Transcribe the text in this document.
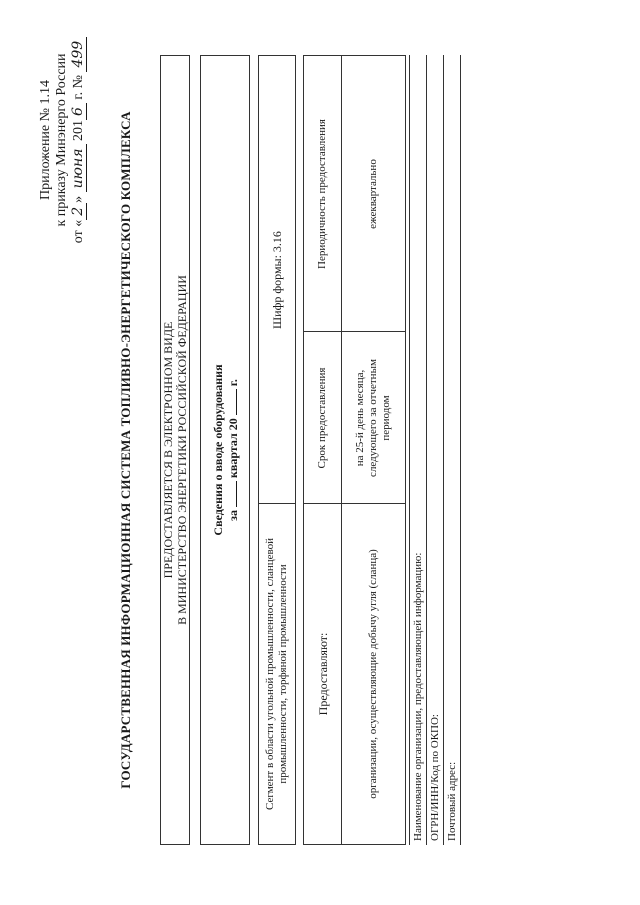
Приложение № 1.14 к приказу Минэнерго России
от «2» июня 2016 г. № 499
ГОСУДАРСТВЕННАЯ ИНФОРМАЦИОННАЯ СИСТЕМА ТОПЛИВНО-ЭНЕРГЕТИЧЕСКОГО КОМПЛЕКСА ПРЕДОСТАВЛЯЕТСЯ В ЭЛЕКТРОННОМ ВИДЕ В МИНИСТЕРСТВО ЭНЕРГЕТИКИ РОССИЙСКОЙ ФЕДЕРАЦИИ Сведения о вводе оборудования за  квартал 20  г.
Сегмент в области угольной промышленности, сланцевой промышленности, торфяной промышленности
Шифр формы: 3.16
Предоставляют:
Срок предоставления
Периодичность предоставления
организации, осуществляющие добычу угля (сланца)
на 25-й день месяца, следующего за отчетным периодом
ежеквартально
Наименование организации, предоставляющей информацию: ОГРН/ИНН/Код по ОКПО: Почтовый адрес:
